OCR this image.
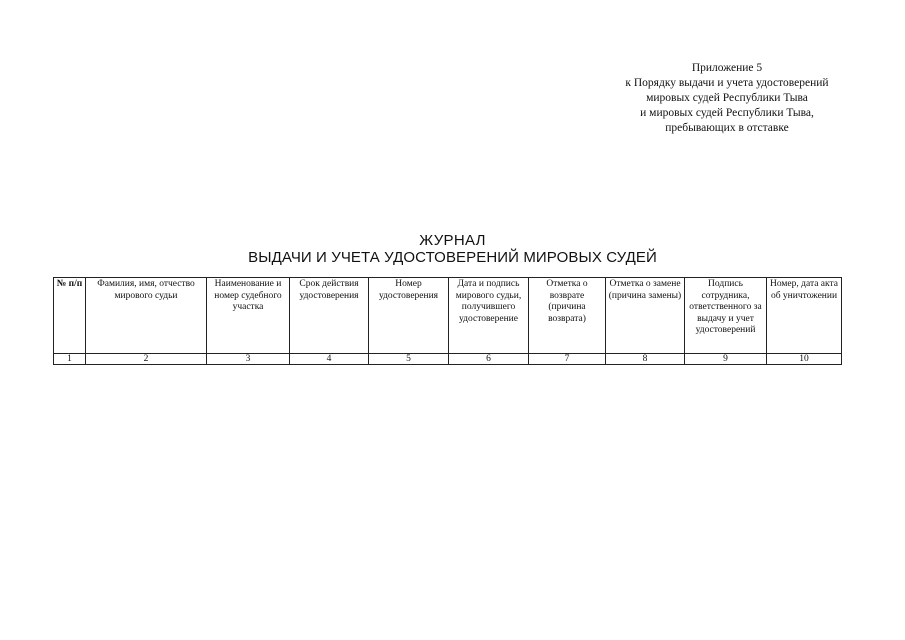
Приложение 5
к Порядку выдачи и учета удостоверений
мировых судей Республики Тыва
и мировых судей Республики Тыва,
пребывающих в отставке
ЖУРНАЛ
ВЫДАЧИ И УЧЕТА УДОСТОВЕРЕНИЙ МИРОВЫХ СУДЕЙ
№ п/п	Фамилия, имя, отчество мирового судьи	Наименование и номер судебного участка	Срок действия удостоверения	Номер удостоверения	Дата и подпись мирового судьи, получившего удостоверение	Отметка о возврате (причина возврата)	Отметка о замене (причина замены)	Подпись сотрудника, ответственного за выдачу и учет удостоверений	Номер, дата акта об уничтожении
1	2	3	4	5	6	7	8	9	10
